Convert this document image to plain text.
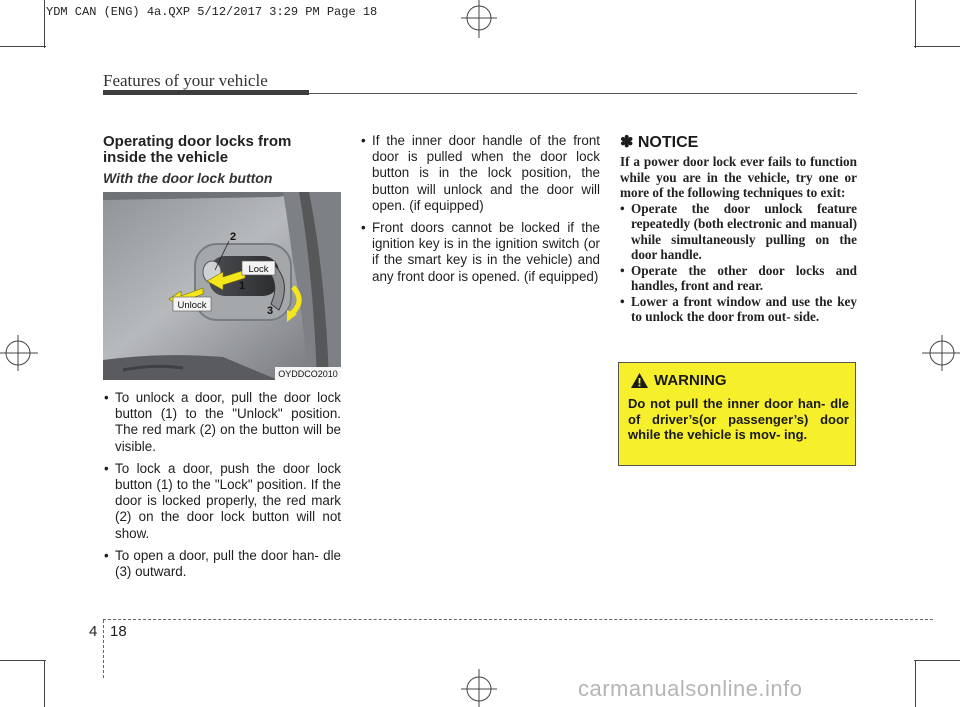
YDM CAN (ENG) 4a.QXP 5/12/2017 3:29 PM Page 18
Features of your vehicle
Operating door locks from inside the vehicle
With the door lock button
Lock
Unlock
2
1
3
OYDDCO2010
• To unlock a door, pull the door lock button (1) to the "Unlock" position. The red mark (2) on the button will be visible.
• To lock a door, push the door lock button (1) to the "Lock" position. If the door is locked properly, the red mark (2) on the door lock button will not show.
• To open a door, pull the door han- dle (3) outward.
• If the inner door handle of the front door is pulled when the door lock button is in the lock position, the button will unlock and the door will open. (if equipped)
• Front doors cannot be locked if the ignition key is in the ignition switch (or if the smart key is in the vehicle) and any front door is opened. (if equipped)
✽ NOTICE

If a power door lock ever fails to function while you are in the vehicle, try one or more of the following techniques to exit:

• Operate the door unlock feature repeatedly (both electronic and manual) while simultaneously pulling on the door handle.
• Operate the other door locks and handles, front and rear.
• Lower a front window and use the key to unlock the door from out- side.
WARNING
Do not pull the inner door han- dle of driver’s(or passenger’s) door while the vehicle is mov- ing.
4 18
carmanualsonline.info
